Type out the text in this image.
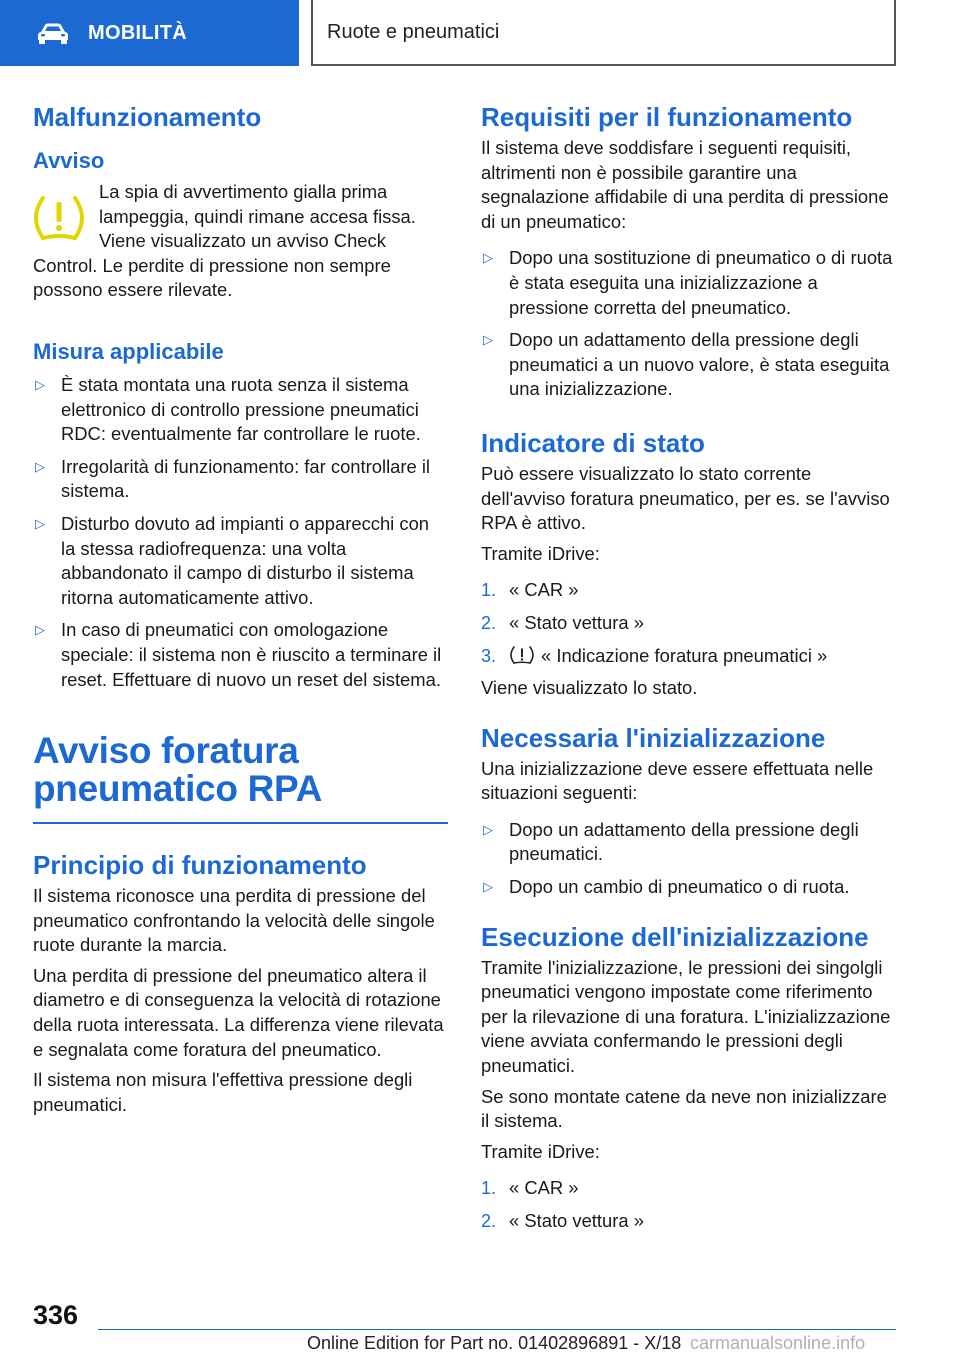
MOBILITÀ	Ruote e pneumatici
Malfunzionamento
Avviso

La spia di avvertimento gialla prima lampeggia, quindi rimane accesa fissa. Viene visualizzato un avviso Check Control. Le perdite di pressione non sempre possono essere rilevate.

Misura applicabile
▷ È stata montata una ruota senza il sistema elettronico di controllo pressione pneumatici RDC: eventualmente far controllare le ruote.
▷ Irregolarità di funzionamento: far controllare il sistema.
▷ Disturbo dovuto ad impianti o apparecchi con la stessa radiofrequenza: una volta abbandonato il campo di disturbo il sistema ritorna automaticamente attivo.
▷ In caso di pneumatici con omologazione speciale: il sistema non è riuscito a terminare il reset. Effettuare di nuovo un reset del sistema.
Avviso foratura pneumatico RPA
Principio di funzionamento

Il sistema riconosce una perdita di pressione del pneumatico confrontando la velocità delle singole ruote durante la marcia.

Una perdita di pressione del pneumatico altera il diametro e di conseguenza la velocità di rotazione della ruota interessata. La differenza viene rilevata e segnalata come foratura del pneumatico.

Il sistema non misura l'effettiva pressione degli pneumatici.

Requisiti per il funzionamento

Il sistema deve soddisfare i seguenti requisiti, altrimenti non è possibile garantire una segnalazione affidabile di una perdita di pressione di un pneumatico:

▷ Dopo una sostituzione di pneumatico o di ruota è stata eseguita una inizializzazione a pressione corretta del pneumatico.
▷ Dopo un adattamento della pressione degli pneumatici a un nuovo valore, è stata eseguita una inizializzazione.
Indicatore di stato

Può essere visualizzato lo stato corrente dell'avviso foratura pneumatico, per es. se l'avviso RPA è attivo.

Tramite iDrive:

1. « CAR »
2. « Stato vettura »
3. « Indicazione foratura pneumatici »

Viene visualizzato lo stato.

Necessaria l'inizializzazione

Una inizializzazione deve essere effettuata nelle situazioni seguenti:

▷ Dopo un adattamento della pressione degli pneumatici.
▷ Dopo un cambio di pneumatico o di ruota.
Esecuzione dell'inizializzazione

Tramite l'inizializzazione, le pressioni dei singolgli pneumatici vengono impostate come riferimento per la rilevazione di una foratura. L'inizializzazione viene avviata confermando le pressioni degli pneumatici.

Se sono montate catene da neve non inizializzare il sistema.

Tramite iDrive:

1. « CAR »
2. « Stato vettura »
336
Online Edition for Part no. 01402896891 - X/18 carmanualsonline.info
